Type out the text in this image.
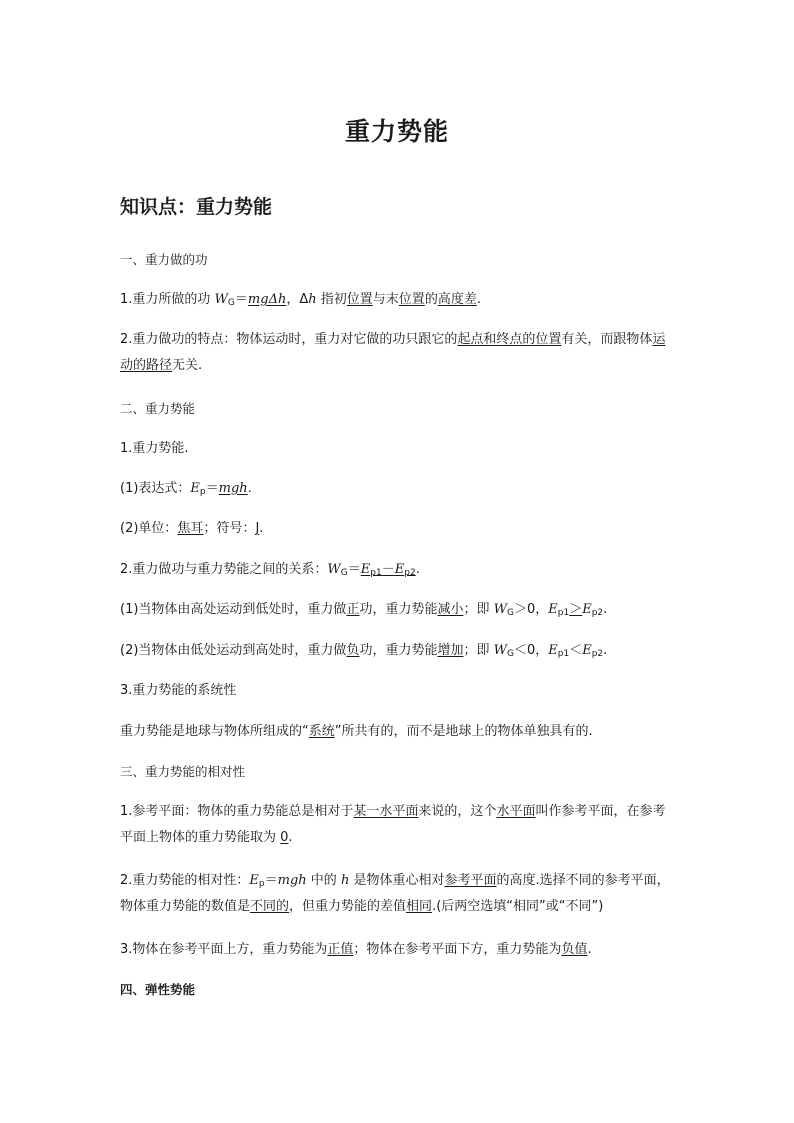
重力势能
知识点：重力势能
一、重力做的功
1.重力所做的功 $W_G=mg\Delta h$，Δh 指初位置与末位置的高度差.
2.重力做功的特点：物体运动时，重力对它做的功只跟它的起点和终点的位置有关，而跟物体运动的路径无关.
二、重力势能
1.重力势能.
(1)表达式：$E_p=mgh$.
(2)单位：焦耳；符号：J.
2.重力做功与重力势能之间的关系：$W_G=E_{p1}-E_{p2}$.
(1)当物体由高处运动到低处时，重力做正功，重力势能减小；即 $W_G>0$，$E_{p1}>E_{p2}$.
(2)当物体由低处运动到高处时，重力做负功，重力势能增加；即 $W_G<0$，$E_{p1}<E_{p2}$.
3.重力势能的系统性
重力势能是地球与物体所组成的“系统”所共有的，而不是地球上的物体单独具有的.
三、重力势能的相对性
1.参考平面：物体的重力势能总是相对于某一水平面来说的，这个水平面叫作参考平面，在参考平面上物体的重力势能取为 0.
2.重力势能的相对性：$E_p=mgh$ 中的 h 是物体重心相对参考平面的高度.选择不同的参考平面，物体重力势能的数值是不同的，但重力势能的差值相同.(后两空选填“相同”或“不同”)
3.物体在参考平面上方，重力势能为正值；物体在参考平面下方，重力势能为负值.
四、弹性势能
